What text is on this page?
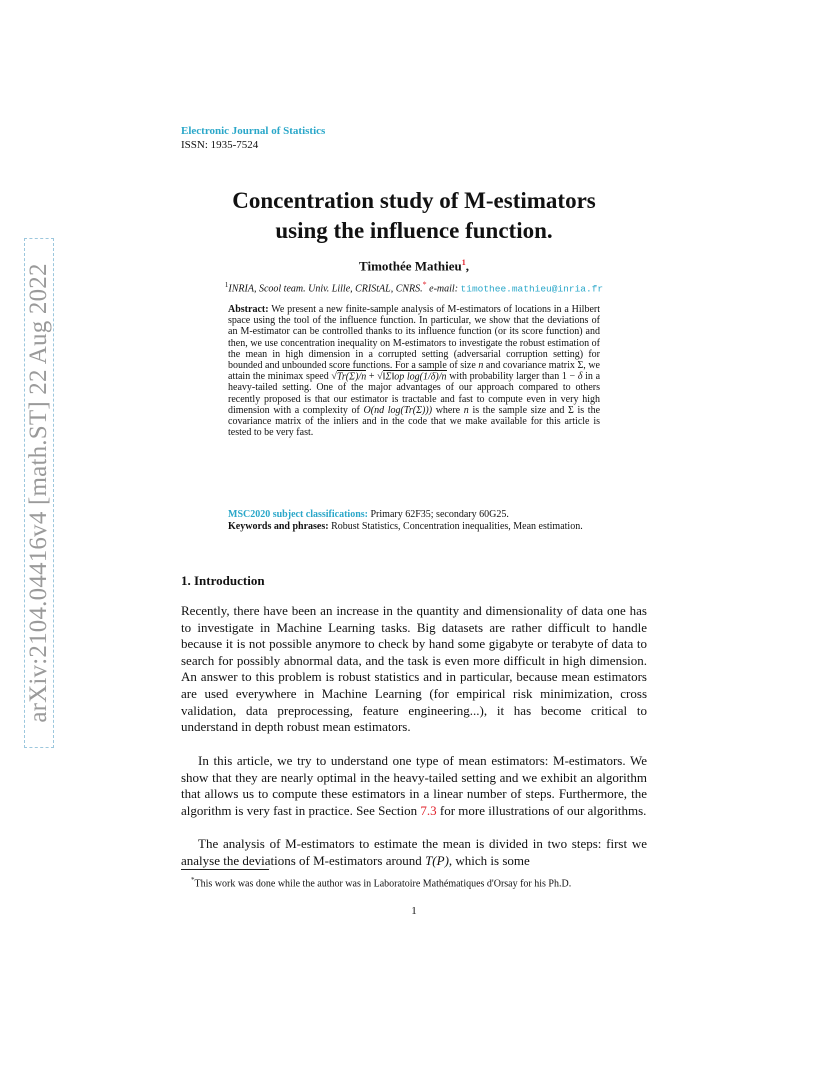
arXiv:2104.04416v4 [math.ST] 22 Aug 2022
Electronic Journal of Statistics
ISSN: 1935-7524
Concentration study of M-estimators
using the influence function.
Timothée Mathieu$^1$,
$^1$INRIA, Scool team. Univ. Lille, CRIStAL, CNRS.* e-mail: timothee.mathieu@inria.fr
Abstract: We present a new finite-sample analysis of M-estimators of locations in a Hilbert space using the tool of the influence function. In particular, we show that the deviations of an M-estimator can be controlled thanks to its influence function (or its score function) and then, we use concentration inequality on M-estimators to investigate the robust estimation of the mean in high dimension in a corrupted setting (adversarial corruption setting) for bounded and unbounded score functions. For a sample of size n and covariance matrix Σ, we attain the minimax speed √Tr(Σ)/n + √‖Σ‖op log(1/δ)/n with probability larger than 1 − δ in a heavy-tailed setting. One of the major advantages of our approach compared to others recently proposed is that our estimator is tractable and fast to compute even in very high dimension with a complexity of O(nd log(Tr(Σ))) where n is the sample size and Σ is the covariance matrix of the inliers and in the code that we make available for this article is tested to be very fast.
MSC2020 subject classifications: Primary 62F35; secondary 60G25.
Keywords and phrases: Robust Statistics, Concentration inequalities, Mean estimation.
1. Introduction
Recently, there have been an increase in the quantity and dimensionality of data one has to investigate in Machine Learning tasks. Big datasets are rather difficult to handle because it is not possible anymore to check by hand some gigabyte or terabyte of data to search for possibly abnormal data, and the task is even more difficult in high dimension. An answer to this problem is robust statistics and in particular, because mean estimators are used everywhere in Machine Learning (for empirical risk minimization, cross validation, data preprocessing, feature engineering...), it has become critical to understand in depth robust mean estimators.
In this article, we try to understand one type of mean estimators: M-estimators. We show that they are nearly optimal in the heavy-tailed setting and we exhibit an algorithm that allows us to compute these estimators in a linear number of steps. Furthermore, the algorithm is very fast in practice. See Section 7.3 for more illustrations of our algorithms.
The analysis of M-estimators to estimate the mean is divided in two steps: first we analyse the deviations of M-estimators around T(P), which is some
*This work was done while the author was in Laboratoire Mathématiques d'Orsay for his Ph.D.
1
